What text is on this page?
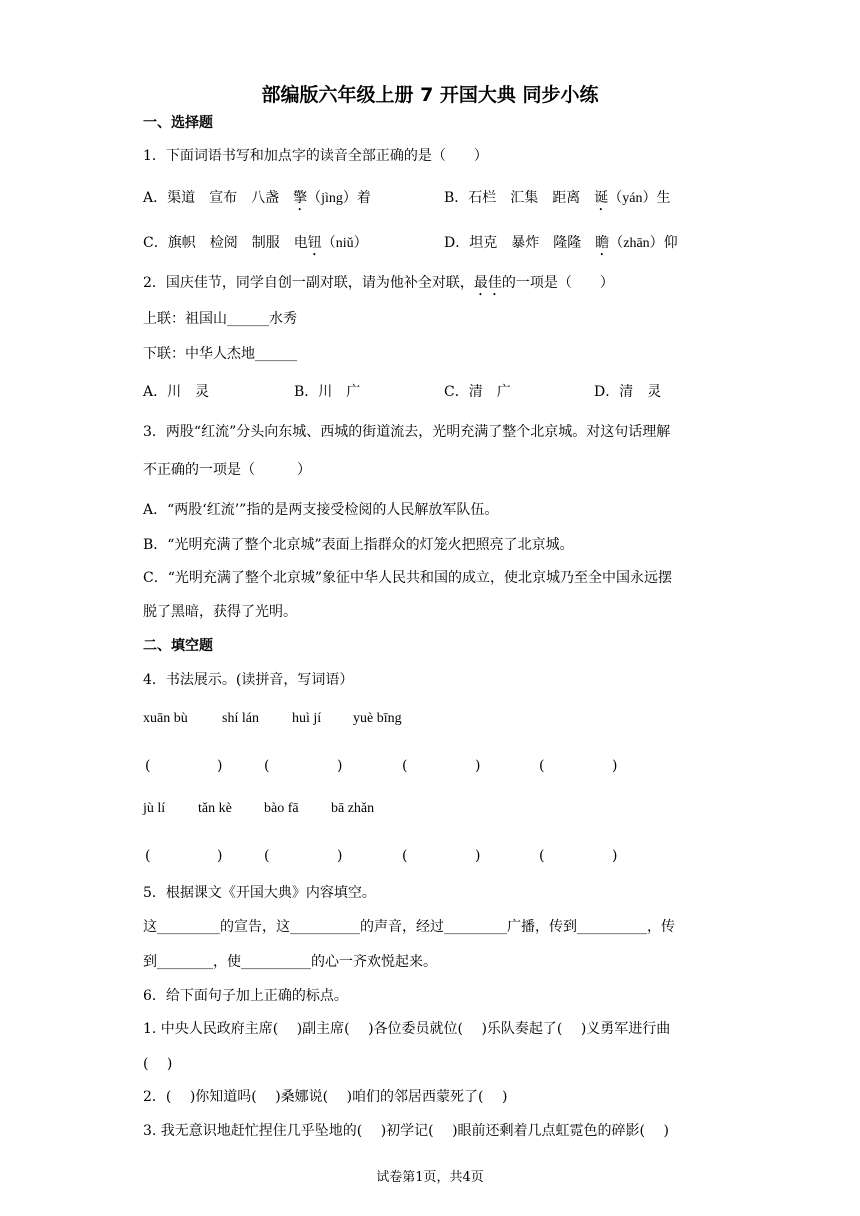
部编版六年级上册 7 开国大典 同步小练
一、选择题
1．下面词语书写和加点字的读音全部正确的是（　　）
A．渠道　宣布　八盏　擎（jìng）着	B．石栏　汇集　距离　诞（yán）生
C．旗帜　检阅　制服　电钮（niǔ）	D．坦克　暴炸　隆隆　瞻（zhān）仰
2．国庆佳节，同学自创一副对联，请为他补全对联，最佳的一项是（　　）
上联：祖国山______水秀
下联：中华人杰地______
A．川　灵	B．川　广	C．清　广	D．清　灵
3．两股“红流”分头向东城、西城的街道流去，光明充满了整个北京城。对这句话理解
不正确的一项是（　　　）
A．“两股‘红流’”指的是两支接受检阅的人民解放军队伍。
B．“光明充满了整个北京城”表面上指群众的灯笼火把照亮了北京城。
C．“光明充满了整个北京城”象征中华人民共和国的成立，使北京城乃至全中国永远摆
脱了黑暗，获得了光明。
二、填空题
4．书法展示。(读拼音，写词语）
xuān bù shí lán huì jí yuè bīng
(	)	(	)	(	)	(	)
jù lí tǎn kè bào fā bā zhǎn
(	)	(	)	(	)	(	)
5．根据课文《开国大典》内容填空。
这_________的宣告，这__________的声音，经过_________广播，传到__________，传
到________，使__________的心一齐欢悦起来。
6．给下面句子加上正确的标点。
1. 中央人民政府主席(　 )副主席(　 )各位委员就位(　 )乐队奏起了(　 )义勇军进行曲
(　 )
2．(　 )你知道吗(　 )桑娜说(　 )咱们的邻居西蒙死了(　 )
3. 我无意识地赶忙捏住几乎坠地的(　 )初学记(　 )眼前还剩着几点虹霓色的碎影(　 )
试卷第1页，共4页
